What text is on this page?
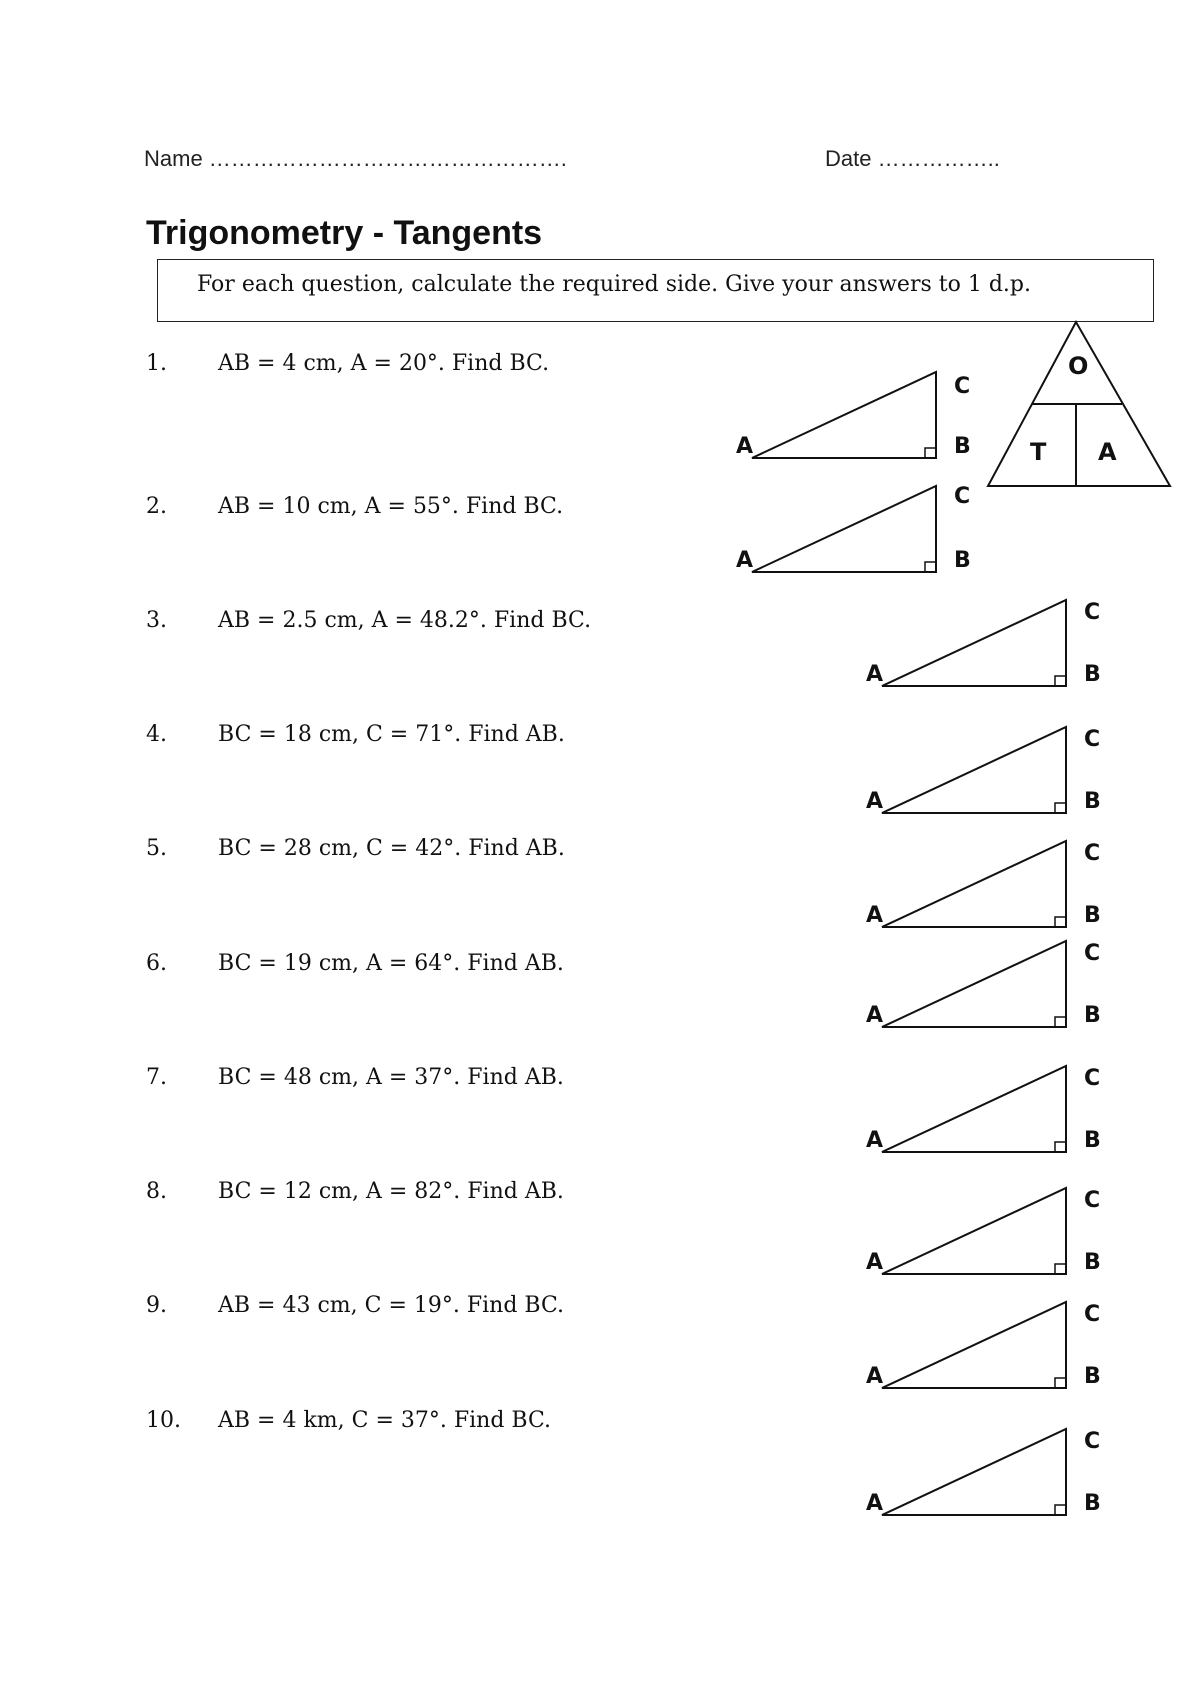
Name ………………………………………….	Date ……………..
Trigonometry - Tangents
For each question, calculate the required side. Give your answers to 1 d.p.
O
T A
1. AB = 4 cm, A = 20°. Find BC.
2. AB = 10 cm, A = 55°. Find BC.
3. AB = 2.5 cm, A = 48.2°. Find BC.
4. BC = 18 cm, C = 71°. Find AB.
5. BC = 28 cm, C = 42°. Find AB.
6. BC = 19 cm, A = 64°. Find AB.
7. BC = 48 cm, A = 37°. Find AB.
8. BC = 12 cm, A = 82°. Find AB.
9. AB = 43 cm, C = 19°. Find BC.
10. AB = 4 km, C = 37°. Find BC.
A	B
C
A	B
C
A	B
C
A	B
C
A	B
C
A	B
C
A	B
C
A	B
C
A	B
C
A	B
C
